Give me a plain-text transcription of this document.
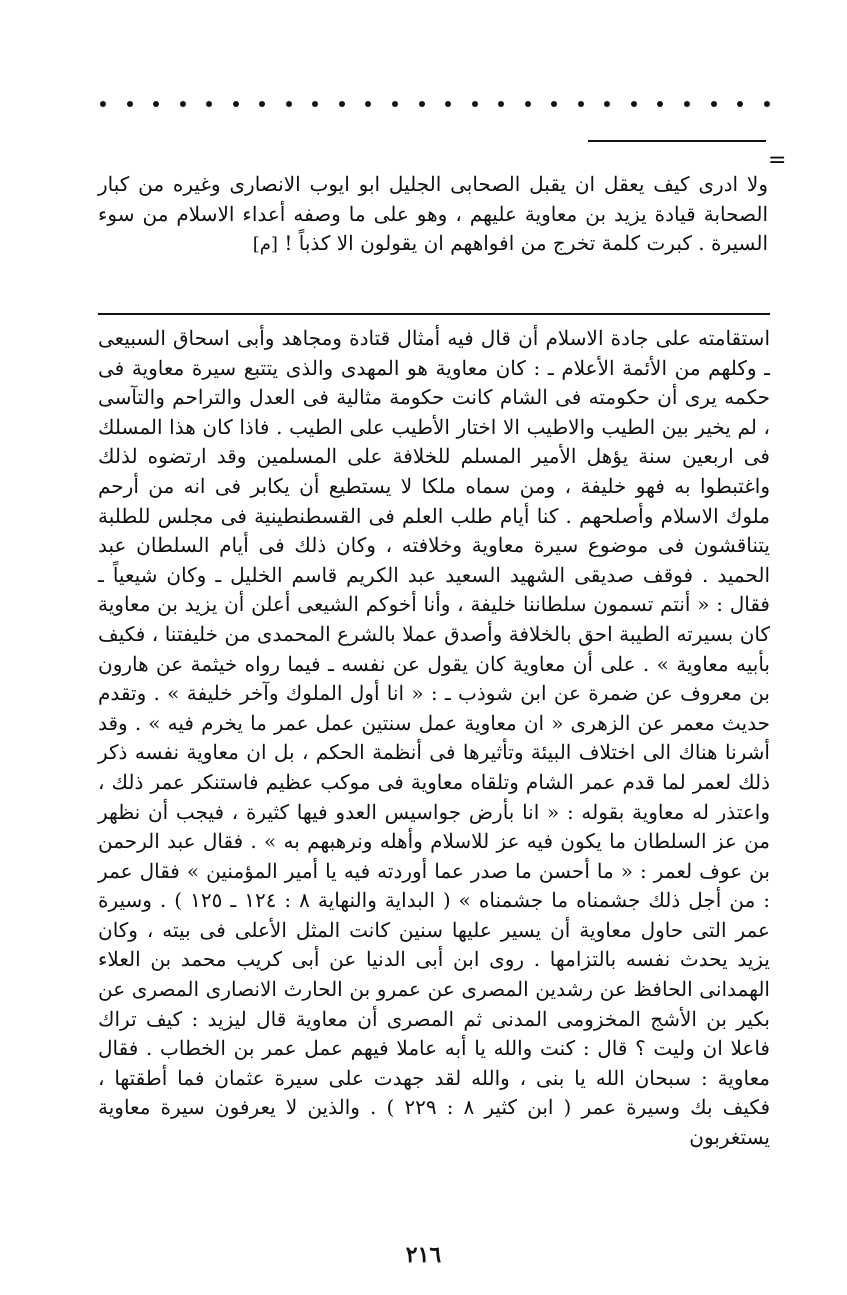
=
ولا ادرى كيف يعقل ان يقبل الصحابى الجليل ابو ايوب الانصارى وغيره من كبار الصحابة قيادة يزيد بن معاوية عليهم ، وهو على ما وصفه أعداء الاسلام من سوء السيرة . كبرت كلمة تخرج من افواههم ان يقولون الا كذباً ! [م]
استقامته على جادة الاسلام أن قال فيه أمثال قتادة ومجاهد وأبى اسحاق السبيعى ـ وكلهم من الأئمة الأعلام ـ : كان معاوية هو المهدى والذى يتتبع سيرة معاوية فى حكمه يرى أن حكومته فى الشام كانت حكومة مثالية فى العدل والتراحم والتآسى ، لم يخير بين الطيب والاطيب الا اختار الأطيب على الطيب . فاذا كان هذا المسلك فى اربعين سنة يؤهل الأمير المسلم للخلافة على المسلمين وقد ارتضوه لذلك واغتبطوا به فهو خليفة ، ومن سماه ملكا لا يستطيع أن يكابر فى انه من أرحم ملوك الاسلام وأصلحهم . كنا أيام طلب العلم فى القسطنطينية فى مجلس للطلبة يتناقشون فى موضوع سيرة معاوية وخلافته ، وكان ذلك فى أيام السلطان عبد الحميد . فوقف صديقى الشهيد السعيد عبد الكريم قاسم الخليل ـ وكان شيعياً ـ فقال : « أنتم تسمون سلطاننا خليفة ، وأنا أخوكم الشيعى أعلن أن يزيد بن معاوية كان بسيرته الطيبة احق بالخلافة وأصدق عملا بالشرع المحمدى من خليفتنا ، فكيف بأبيه معاوية » . على أن معاوية كان يقول عن نفسه ـ فيما رواه خيثمة عن هارون بن معروف عن ضمرة عن ابن شوذب ـ : « انا أول الملوك وآخر خليفة » . وتقدم حديث معمر عن الزهرى « ان معاوية عمل سنتين عمل عمر ما يخرم فيه » . وقد أشرنا هناك الى اختلاف البيئة وتأثيرها فى أنظمة الحكم ، بل ان معاوية نفسه ذكر ذلك لعمر لما قدم عمر الشام وتلقاه معاوية فى موكب عظيم فاستنكر عمر ذلك ، واعتذر له معاوية بقوله : « انا بأرض جواسيس العدو فيها كثيرة ، فيجب أن نظهر من عز السلطان ما يكون فيه عز للاسلام وأهله ونرهبهم به » . فقال عبد الرحمن بن عوف لعمر : « ما أحسن ما صدر عما أوردته فيه يا أمير المؤمنين » فقال عمر : من أجل ذلك جشمناه ما جشمناه » ( البداية والنهاية ٨ : ١٢٤ ـ ١٢٥ ) . وسيرة عمر التى حاول معاوية أن يسير عليها سنين كانت المثل الأعلى فى بيته ، وكان يزيد يحدث نفسه بالتزامها . روى ابن أبى الدنيا عن أبى كريب محمد بن العلاء الهمدانى الحافظ عن رشدين المصرى عن عمرو بن الحارث الانصارى المصرى عن بكير بن الأشج المخزومى المدنى ثم المصرى أن معاوية قال ليزيد : كيف تراك فاعلا ان وليت ؟ قال : كنت والله يا أبه عاملا فيهم عمل عمر بن الخطاب . فقال معاوية : سبحان الله يا بنى ، والله لقد جهدت على سيرة عثمان فما أطقتها ، فكيف بك وسيرة عمر ( ابن كثير ٨ : ٢٢٩ ) . والذين لا يعرفون سيرة معاوية يستغربون
٢١٦
